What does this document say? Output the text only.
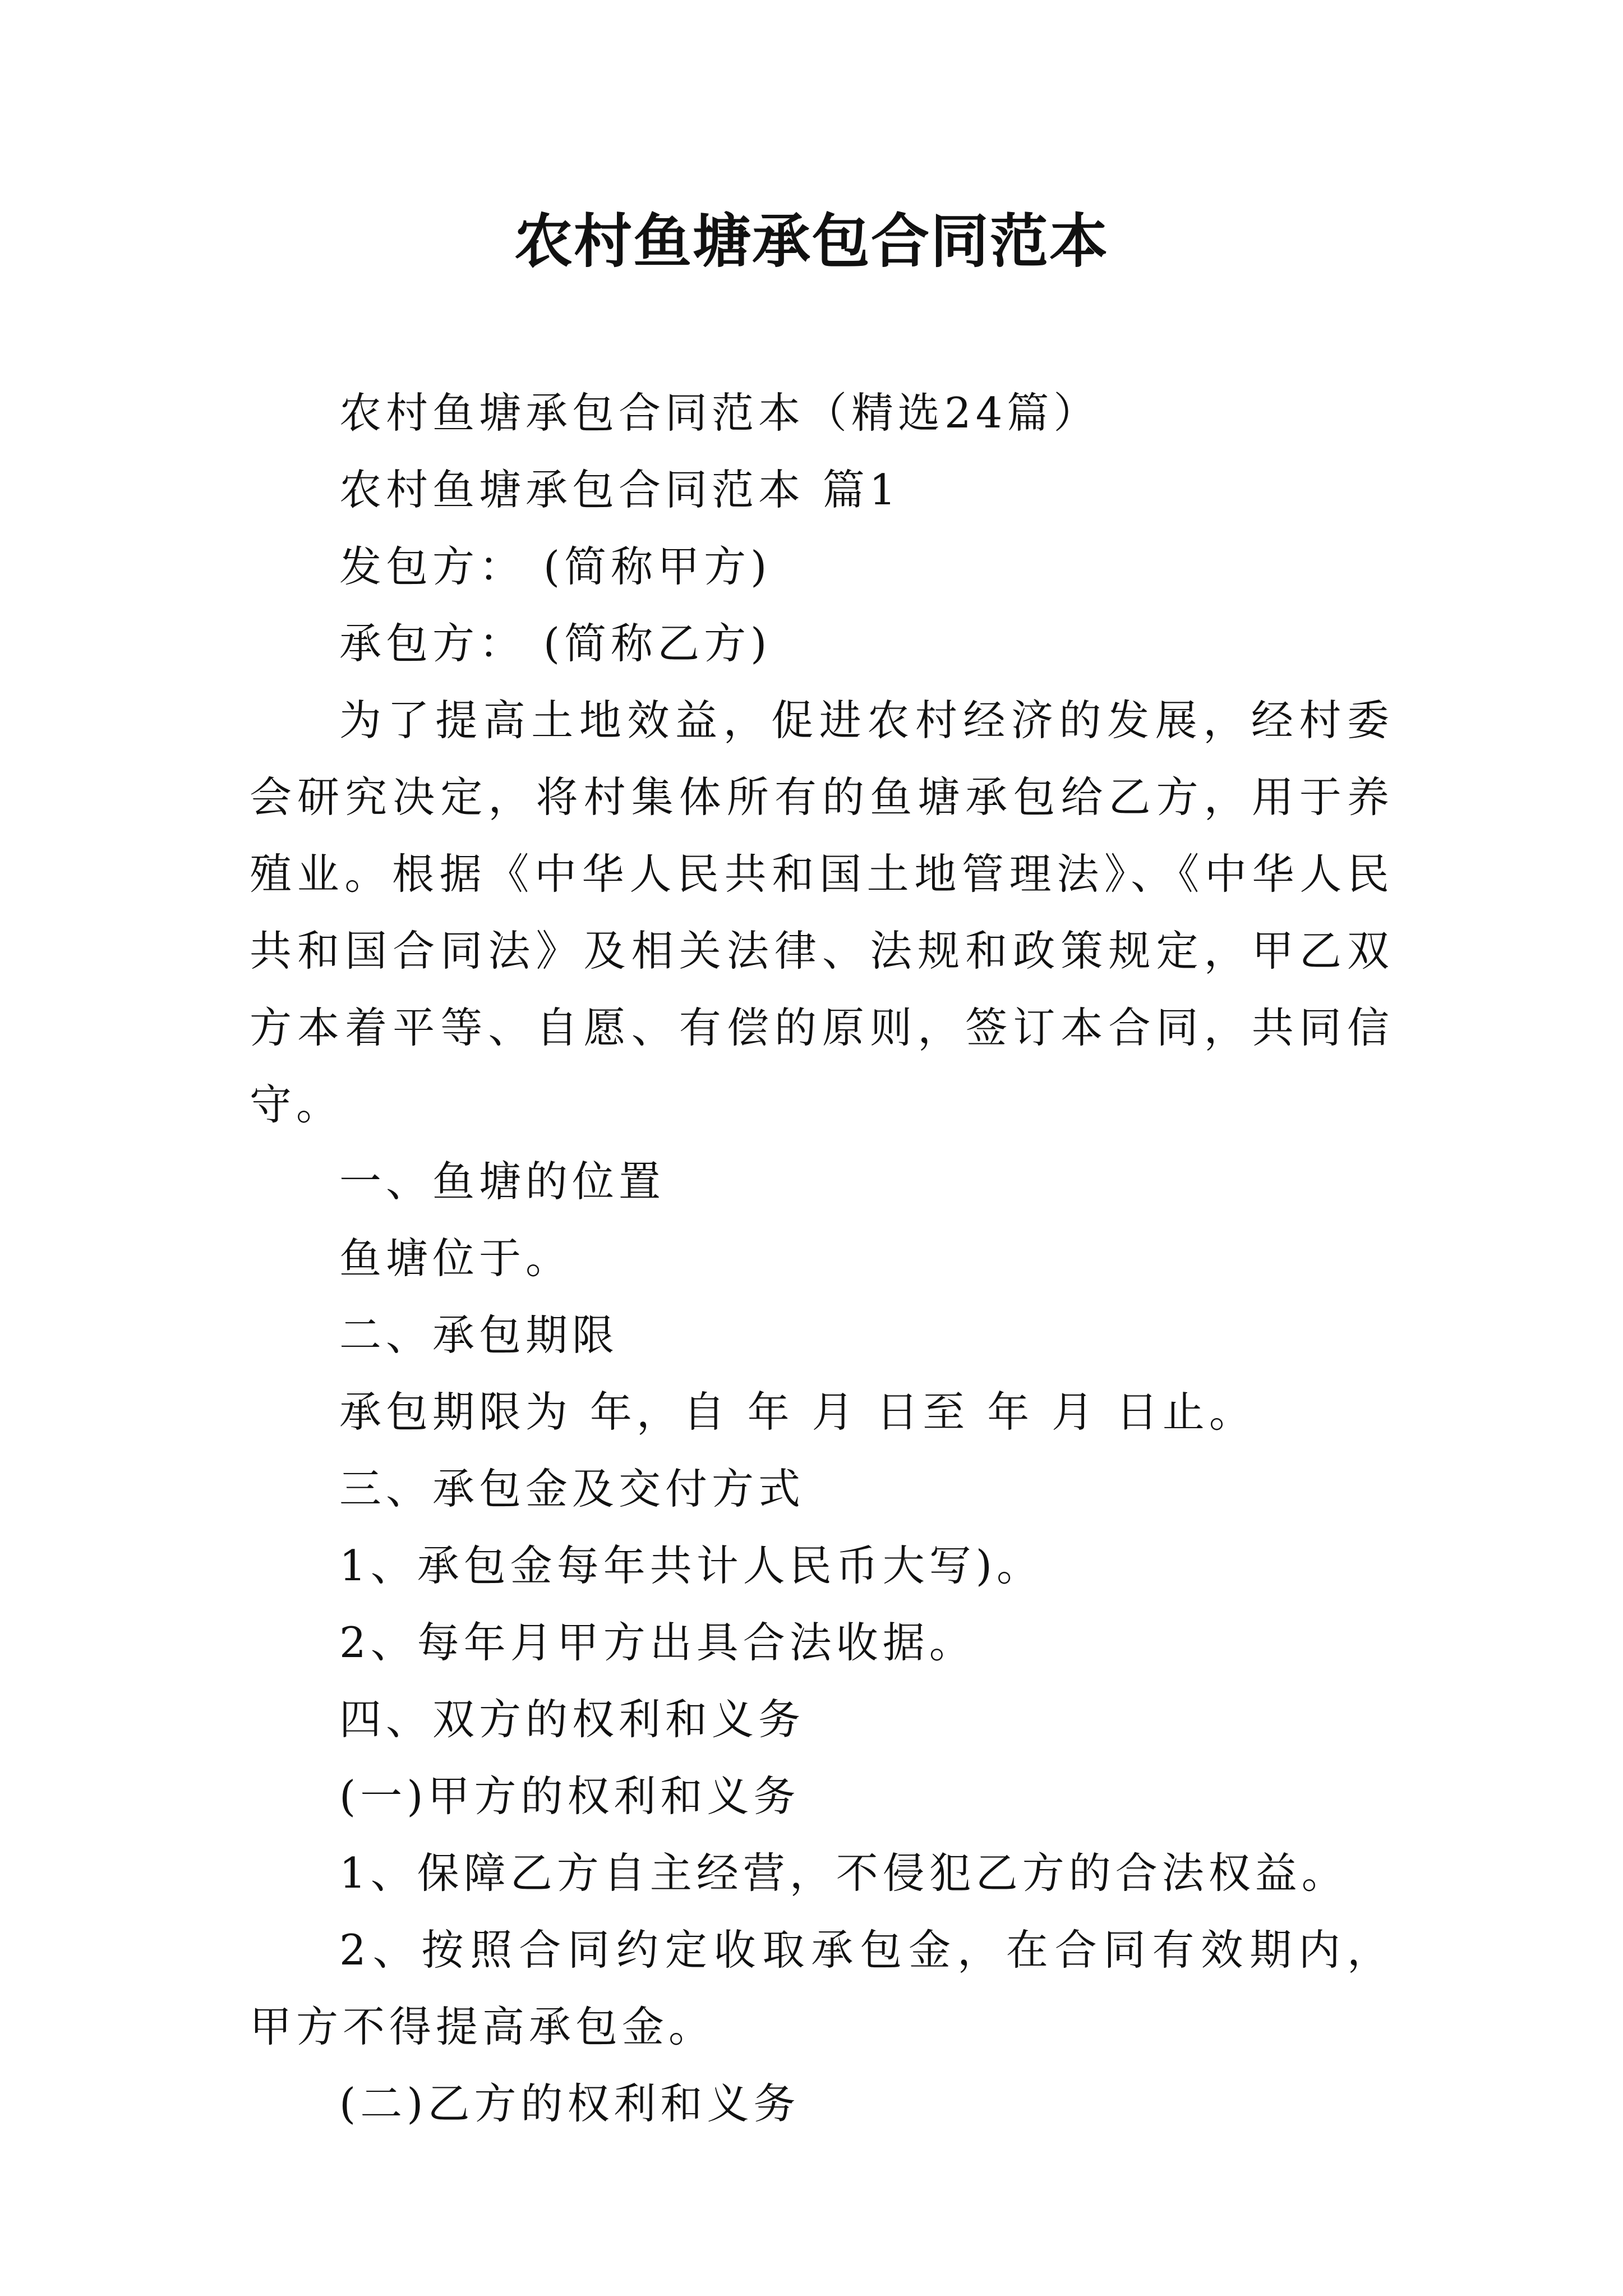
农村鱼塘承包合同范本

农村鱼塘承包合同范本（精选24篇）

农村鱼塘承包合同范本 篇1

发包方： (简称甲方)

承包方： (简称乙方)

为了提高土地效益，促进农村经济的发展，经村委会研究决定，将村集体所有的鱼塘承包给乙方，用于养殖业。根据《中华人民共和国土地管理法》、《中华人民共和国合同法》及相关法律、法规和政策规定，甲乙双方本着平等、自愿、有偿的原则，签订本合同，共同信守。

一、鱼塘的位置

鱼塘位于。

二、承包期限

承包期限为 年，自 年 月 日至 年 月 日止。

三、承包金及交付方式

1、承包金每年共计人民币大写)。

2、每年月甲方出具合法收据。

四、双方的权利和义务

(一)甲方的权利和义务

1、保障乙方自主经营，不侵犯乙方的合法权益。

2、按照合同约定收取承包金，在合同有效期内，甲方不得提高承包金。

(二)乙方的权利和义务
